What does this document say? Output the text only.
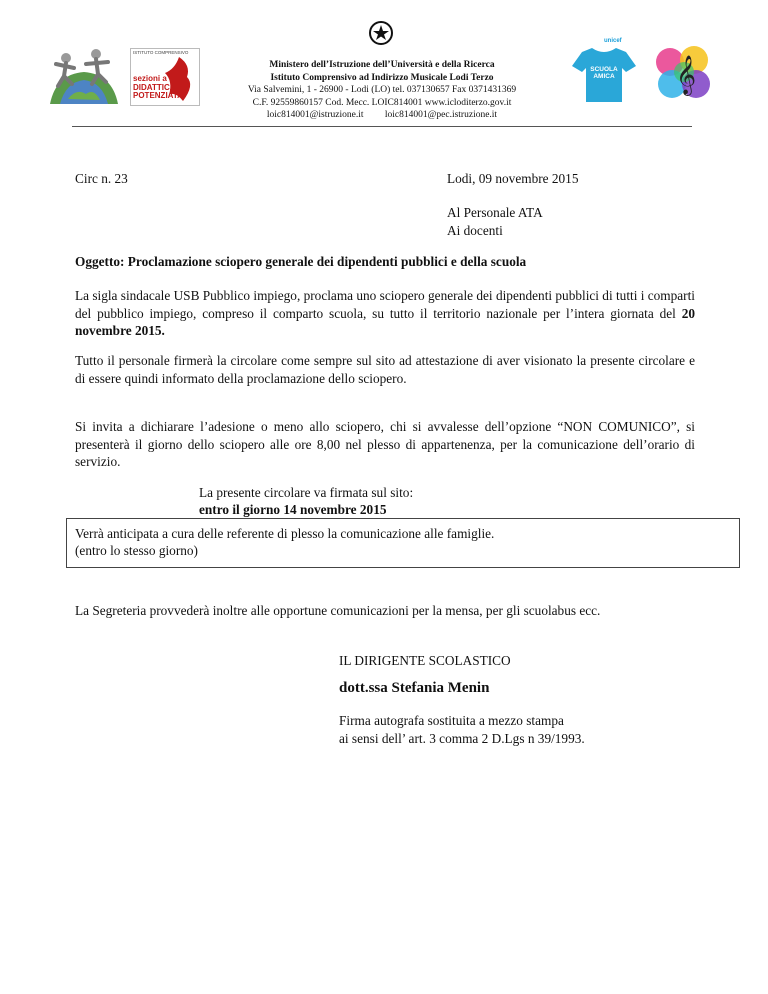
ISTITUTO COMPRENSIVO
sezioni a
DIDATTICA
POTENZIATA
Ministero dell’Istruzione dell’Università e della Ricerca
Istituto Comprensivo ad Indirizzo Musicale Lodi Terzo
Via Salvemini, 1 - 26900 - Lodi (LO) tel. 037130657 Fax 0371431369
C.F. 92559860157 Cod. Mecc. LOIC814001 www.icloditerzo.gov.it
loic814001@istruzione.it loic814001@pec.istruzione.it
unicef
SCUOLA AMICA 𝄞
Circ n. 23	Lodi, 09 novembre 2015
Al Personale ATA
Ai docenti
Oggetto: Proclamazione sciopero generale dei dipendenti pubblici e della scuola
La sigla sindacale USB Pubblico impiego, proclama uno sciopero generale dei dipendenti pubblici di tutti i comparti del pubblico impiego, compreso il comparto scuola, su tutto il territorio nazionale per l’intera giornata del 20 novembre 2015.
Tutto il personale firmerà la circolare come sempre sul sito ad attestazione di aver visionato la presente circolare e di essere quindi informato della proclamazione dello sciopero.
Si invita a dichiarare l’adesione o meno allo sciopero, chi si avvalesse dell’opzione “NON COMUNICO”, si presenterà il giorno dello sciopero alle ore 8,00 nel plesso di appartenenza, per la comunicazione dell’orario di servizio.
La presente circolare va firmata sul sito:
entro il giorno 14 novembre 2015
Verrà anticipata a cura delle referente di plesso la comunicazione alle famiglie.
(entro lo stesso giorno)
La Segreteria provvederà inoltre alle opportune comunicazioni per la mensa, per gli scuolabus ecc.
IL DIRIGENTE SCOLASTICO
dott.ssa Stefania Menin
Firma autografa sostituita a mezzo stampa
ai sensi dell’ art. 3 comma 2 D.Lgs n 39/1993.
